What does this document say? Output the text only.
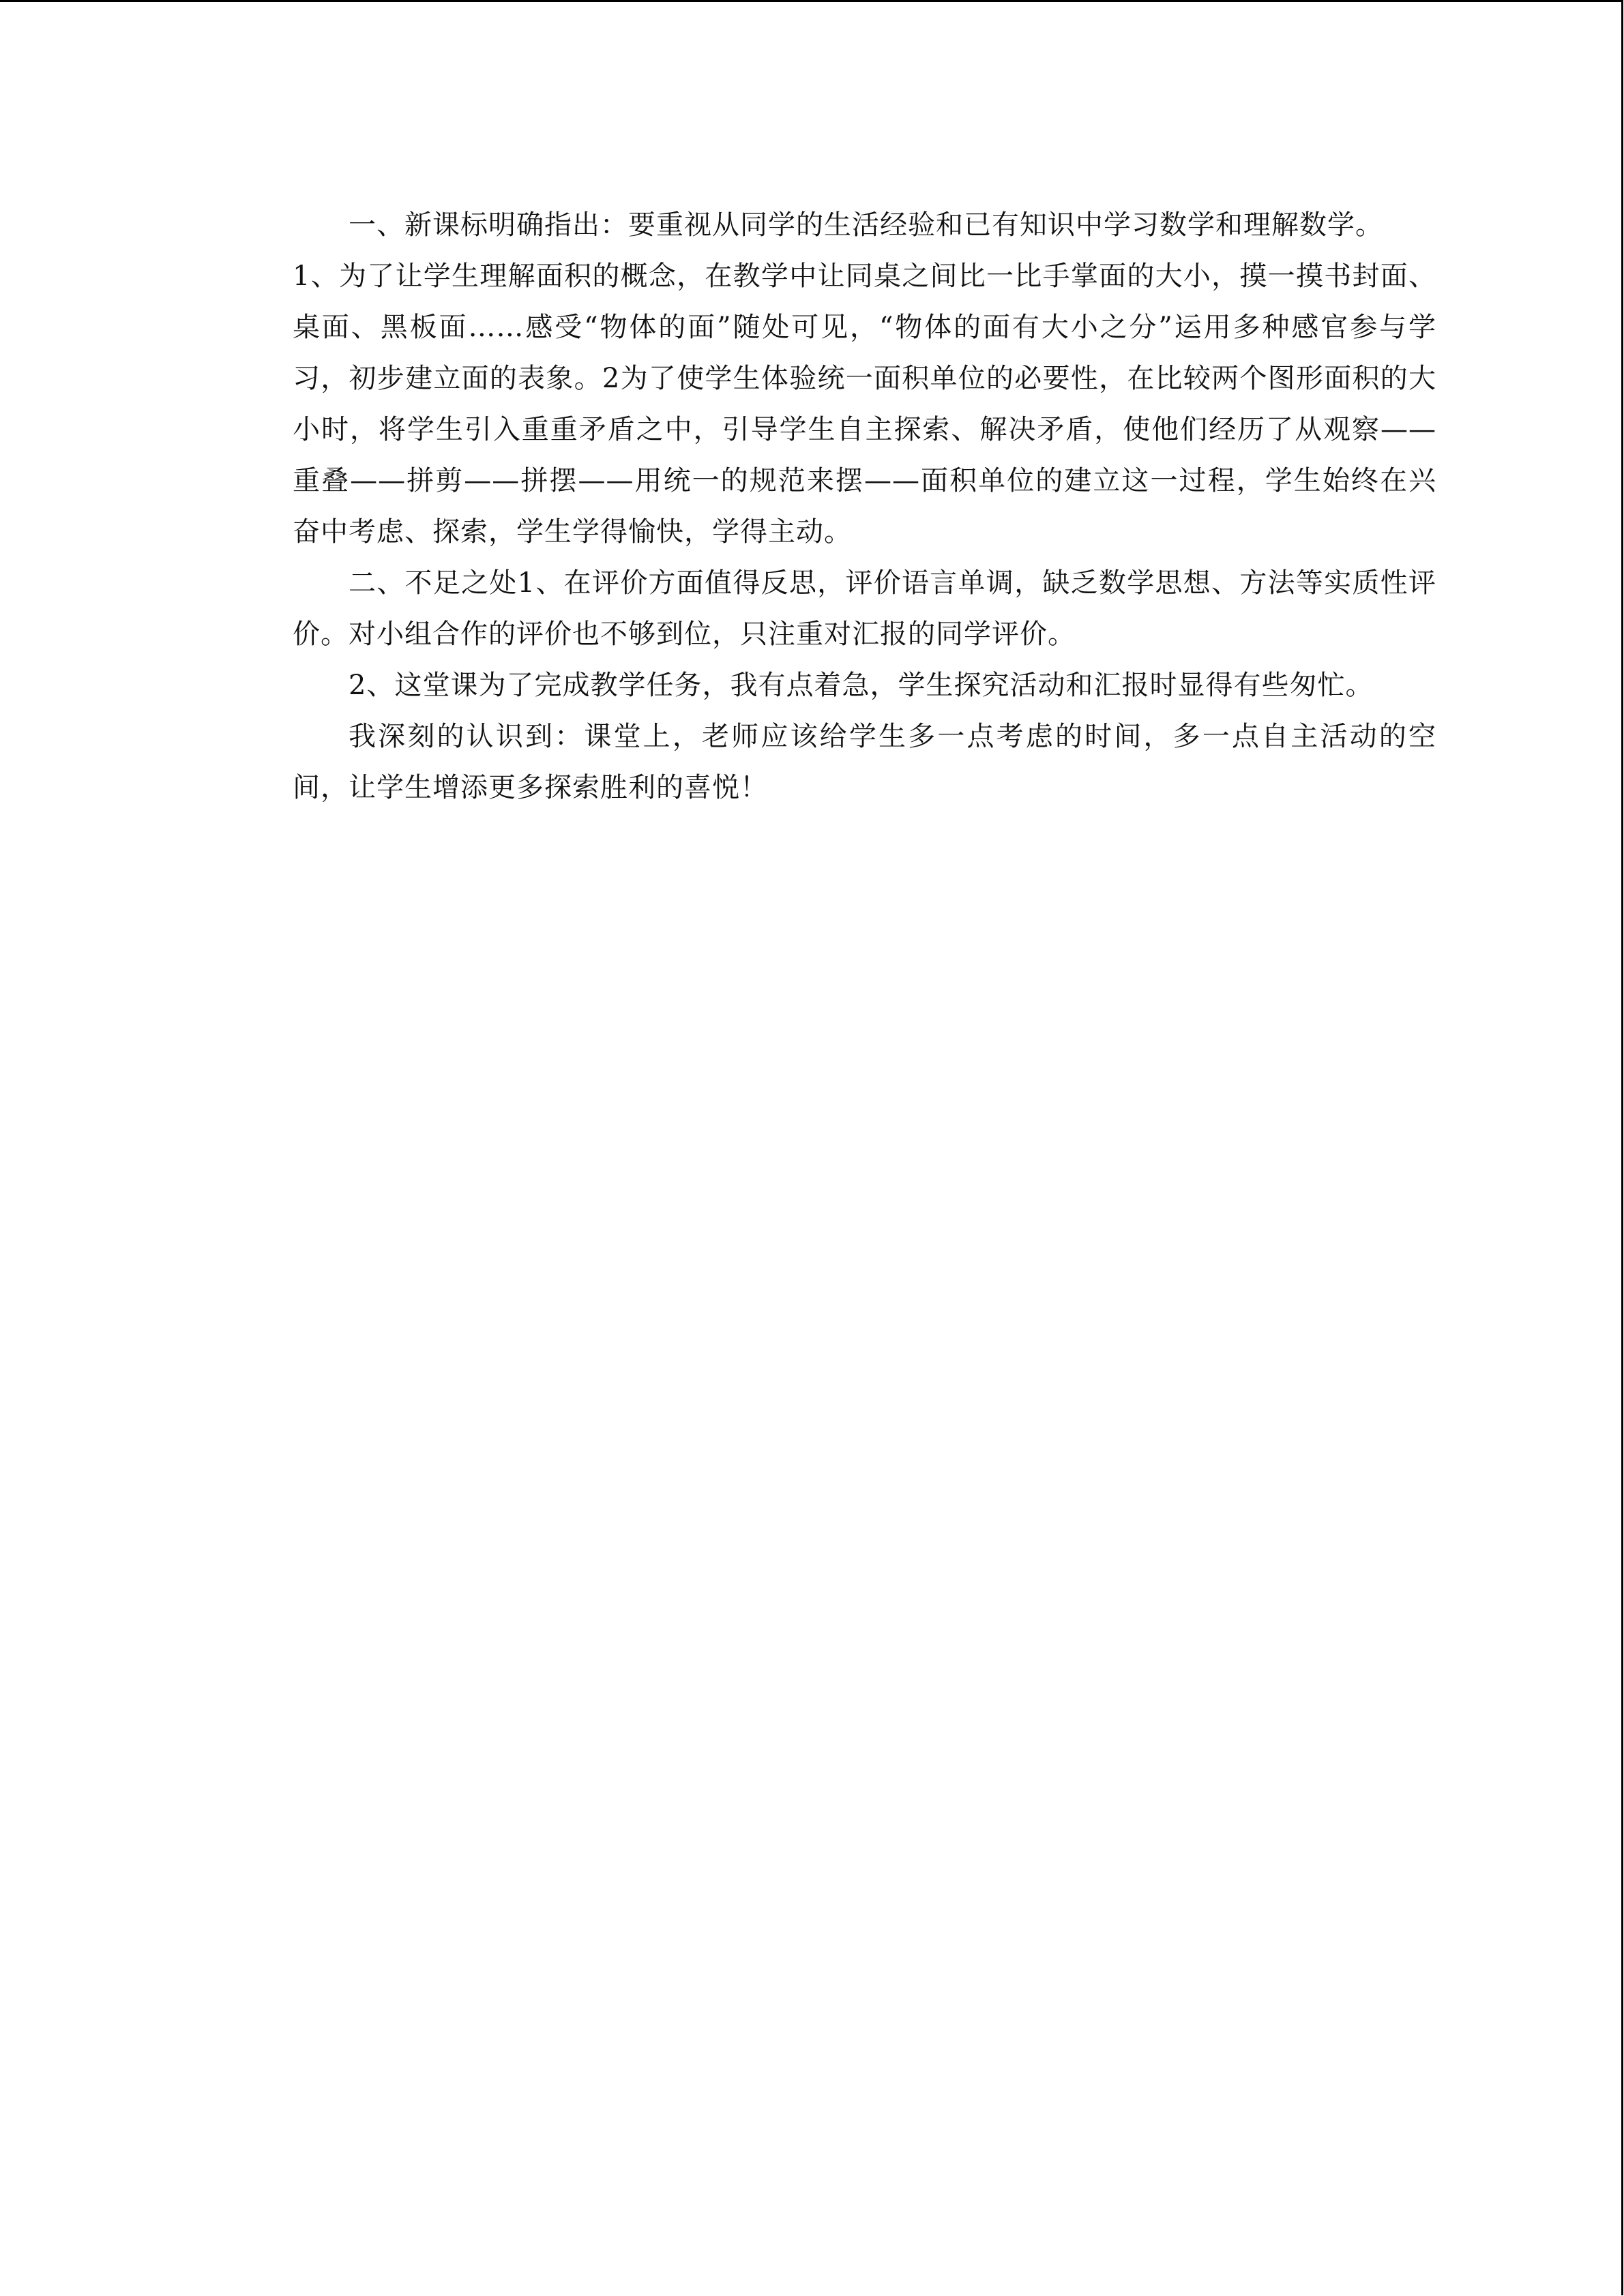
一、新课标明确指出：要重视从同学的生活经验和已有知识中学习数学和理解数学。

1、为了让学生理解面积的概念，在教学中让同桌之间比一比手掌面的大小，摸一摸书封面、桌面、黑板面……感受“物体的面”随处可见，“物体的面有大小之分”运用多种感官参与学习，初步建立面的表象。2为了使学生体验统一面积单位的必要性，在比较两个图形面积的大小时，将学生引入重重矛盾之中，引导学生自主探索、解决矛盾，使他们经历了从观察——重叠——拼剪——拼摆——用统一的规范来摆——面积单位的建立这一过程，学生始终在兴奋中考虑、探索，学生学得愉快，学得主动。

二、不足之处1、在评价方面值得反思，评价语言单调，缺乏数学思想、方法等实质性评价。对小组合作的评价也不够到位，只注重对汇报的同学评价。

2、这堂课为了完成教学任务，我有点着急，学生探究活动和汇报时显得有些匆忙。

我深刻的认识到：课堂上，老师应该给学生多一点考虑的时间，多一点自主活动的空间，让学生增添更多探索胜利的喜悦！
